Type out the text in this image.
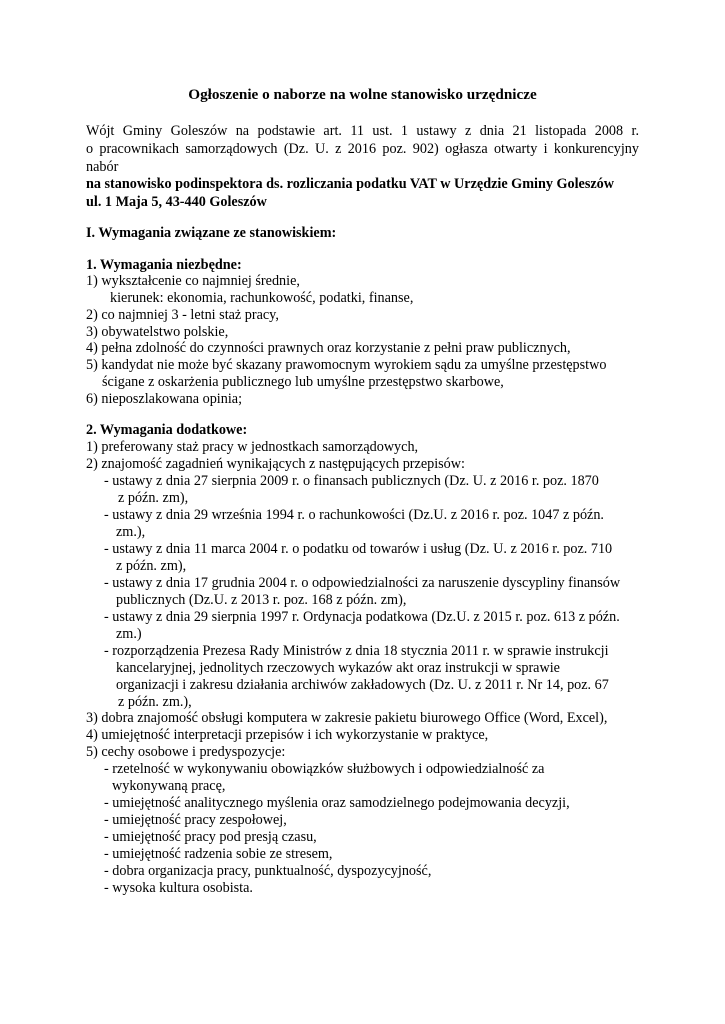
Ogłoszenie o naborze na wolne stanowisko urzędnicze
Wójt Gminy Goleszów na podstawie art. 11 ust. 1 ustawy z dnia 21 listopada 2008 r.
o pracownikach samorządowych (Dz. U. z 2016 poz. 902) ogłasza otwarty i konkurencyjny
nabór
na stanowisko podinspektora ds. rozliczania podatku VAT w Urzędzie Gminy Goleszów
ul. 1 Maja 5, 43-440 Goleszów
I. Wymagania związane ze stanowiskiem:
1. Wymagania niezbędne:
1) wykształcenie co najmniej średnie,
kierunek: ekonomia, rachunkowość, podatki, finanse,
2) co najmniej 3 - letni staż pracy,
3) obywatelstwo polskie,
4) pełna zdolność do czynności prawnych oraz korzystanie z pełni praw publicznych,
5) kandydat nie może być skazany prawomocnym wyrokiem sądu za umyślne przestępstwo
ścigane z oskarżenia publicznego lub umyślne przestępstwo skarbowe,
6) nieposzlakowana opinia;
2. Wymagania dodatkowe:
1) preferowany staż pracy w jednostkach samorządowych,
2) znajomość zagadnień wynikających z następujących przepisów:
- ustawy z dnia 27 sierpnia 2009 r. o finansach publicznych (Dz. U. z 2016 r. poz. 1870
z późn. zm),
- ustawy z dnia 29 września 1994 r. o rachunkowości (Dz.U. z 2016 r. poz. 1047 z późn.
zm.),
- ustawy z dnia 11 marca 2004 r. o podatku od towarów i usług (Dz. U. z 2016 r. poz. 710
z późn. zm),
- ustawy z dnia 17 grudnia 2004 r. o odpowiedzialności za naruszenie dyscypliny finansów
publicznych (Dz.U. z 2013 r. poz. 168 z późn. zm),
- ustawy z dnia 29 sierpnia 1997 r. Ordynacja podatkowa (Dz.U. z 2015 r. poz. 613 z późn.
zm.)
- rozporządzenia Prezesa Rady Ministrów z dnia 18 stycznia 2011 r. w sprawie instrukcji
kancelaryjnej, jednolitych rzeczowych wykazów akt oraz instrukcji w sprawie
organizacji i zakresu działania archiwów zakładowych (Dz. U. z 2011 r. Nr 14, poz. 67
z późn. zm.),
3) dobra znajomość obsługi komputera w zakresie pakietu biurowego Office (Word, Excel),
4) umiejętność interpretacji przepisów i ich wykorzystanie w praktyce,
5) cechy osobowe i predyspozycje:
- rzetelność w wykonywaniu obowiązków służbowych i odpowiedzialność za
wykonywaną pracę,
- umiejętność analitycznego myślenia oraz samodzielnego podejmowania decyzji,
- umiejętność pracy zespołowej,
- umiejętność pracy pod presją czasu,
- umiejętność radzenia sobie ze stresem,
- dobra organizacja pracy, punktualność, dyspozycyjność,
- wysoka kultura osobista.
